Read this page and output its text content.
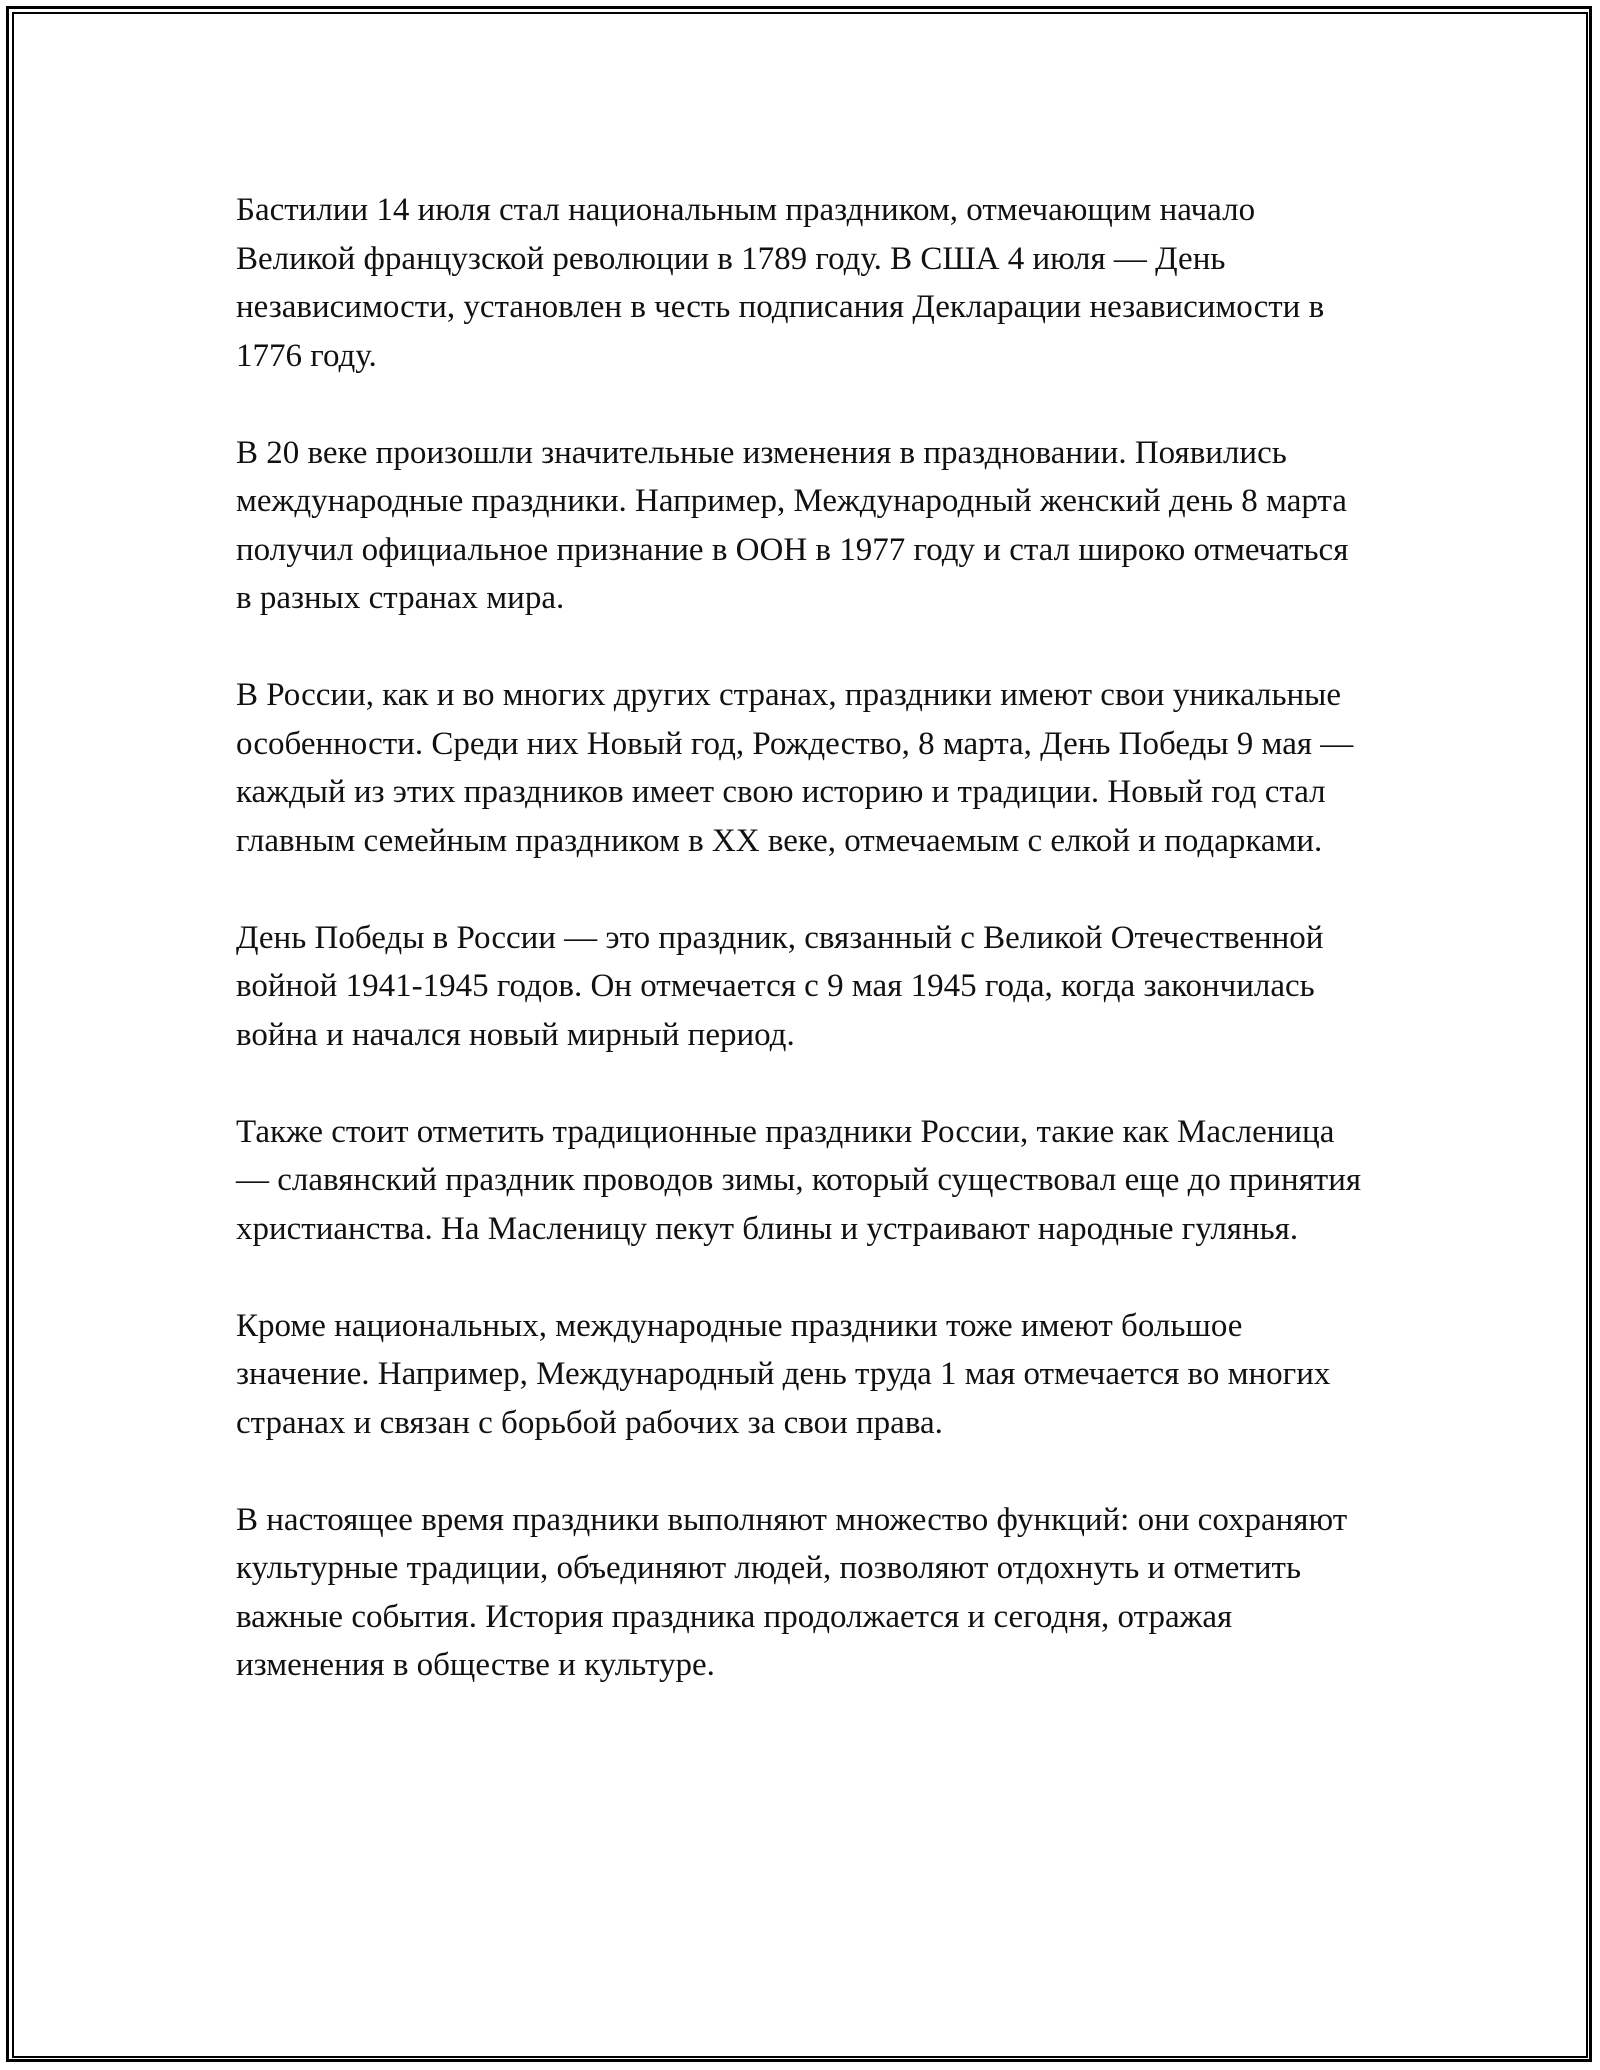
Бастилии 14 июля стал национальным праздником, отмечающим начало Великой французской революции в 1789 году. В США 4 июля — День независимости, установлен в честь подписания Декларации независимости в 1776 году.

В 20 веке произошли значительные изменения в праздновании. Появились международные праздники. Например, Международный женский день 8 марта получил официальное признание в ООН в 1977 году и стал широко отмечаться в разных странах мира.

В России, как и во многих других странах, праздники имеют свои уникальные особенности. Среди них Новый год, Рождество, 8 марта, День Победы 9 мая — каждый из этих праздников имеет свою историю и традиции. Новый год стал главным семейным праздником в XX веке, отмечаемым с елкой и подарками.

День Победы в России — это праздник, связанный с Великой Отечественной войной 1941-1945 годов. Он отмечается с 9 мая 1945 года, когда закончилась война и начался новый мирный период.

Также стоит отметить традиционные праздники России, такие как Масленица — славянский праздник проводов зимы, который существовал еще до принятия христианства. На Масленицу пекут блины и устраивают народные гулянья.

Кроме национальных, международные праздники тоже имеют большое значение. Например, Международный день труда 1 мая отмечается во многих странах и связан с борьбой рабочих за свои права.

В настоящее время праздники выполняют множество функций: они сохраняют культурные традиции, объединяют людей, позволяют отдохнуть и отметить важные события. История праздника продолжается и сегодня, отражая изменения в обществе и культуре.
